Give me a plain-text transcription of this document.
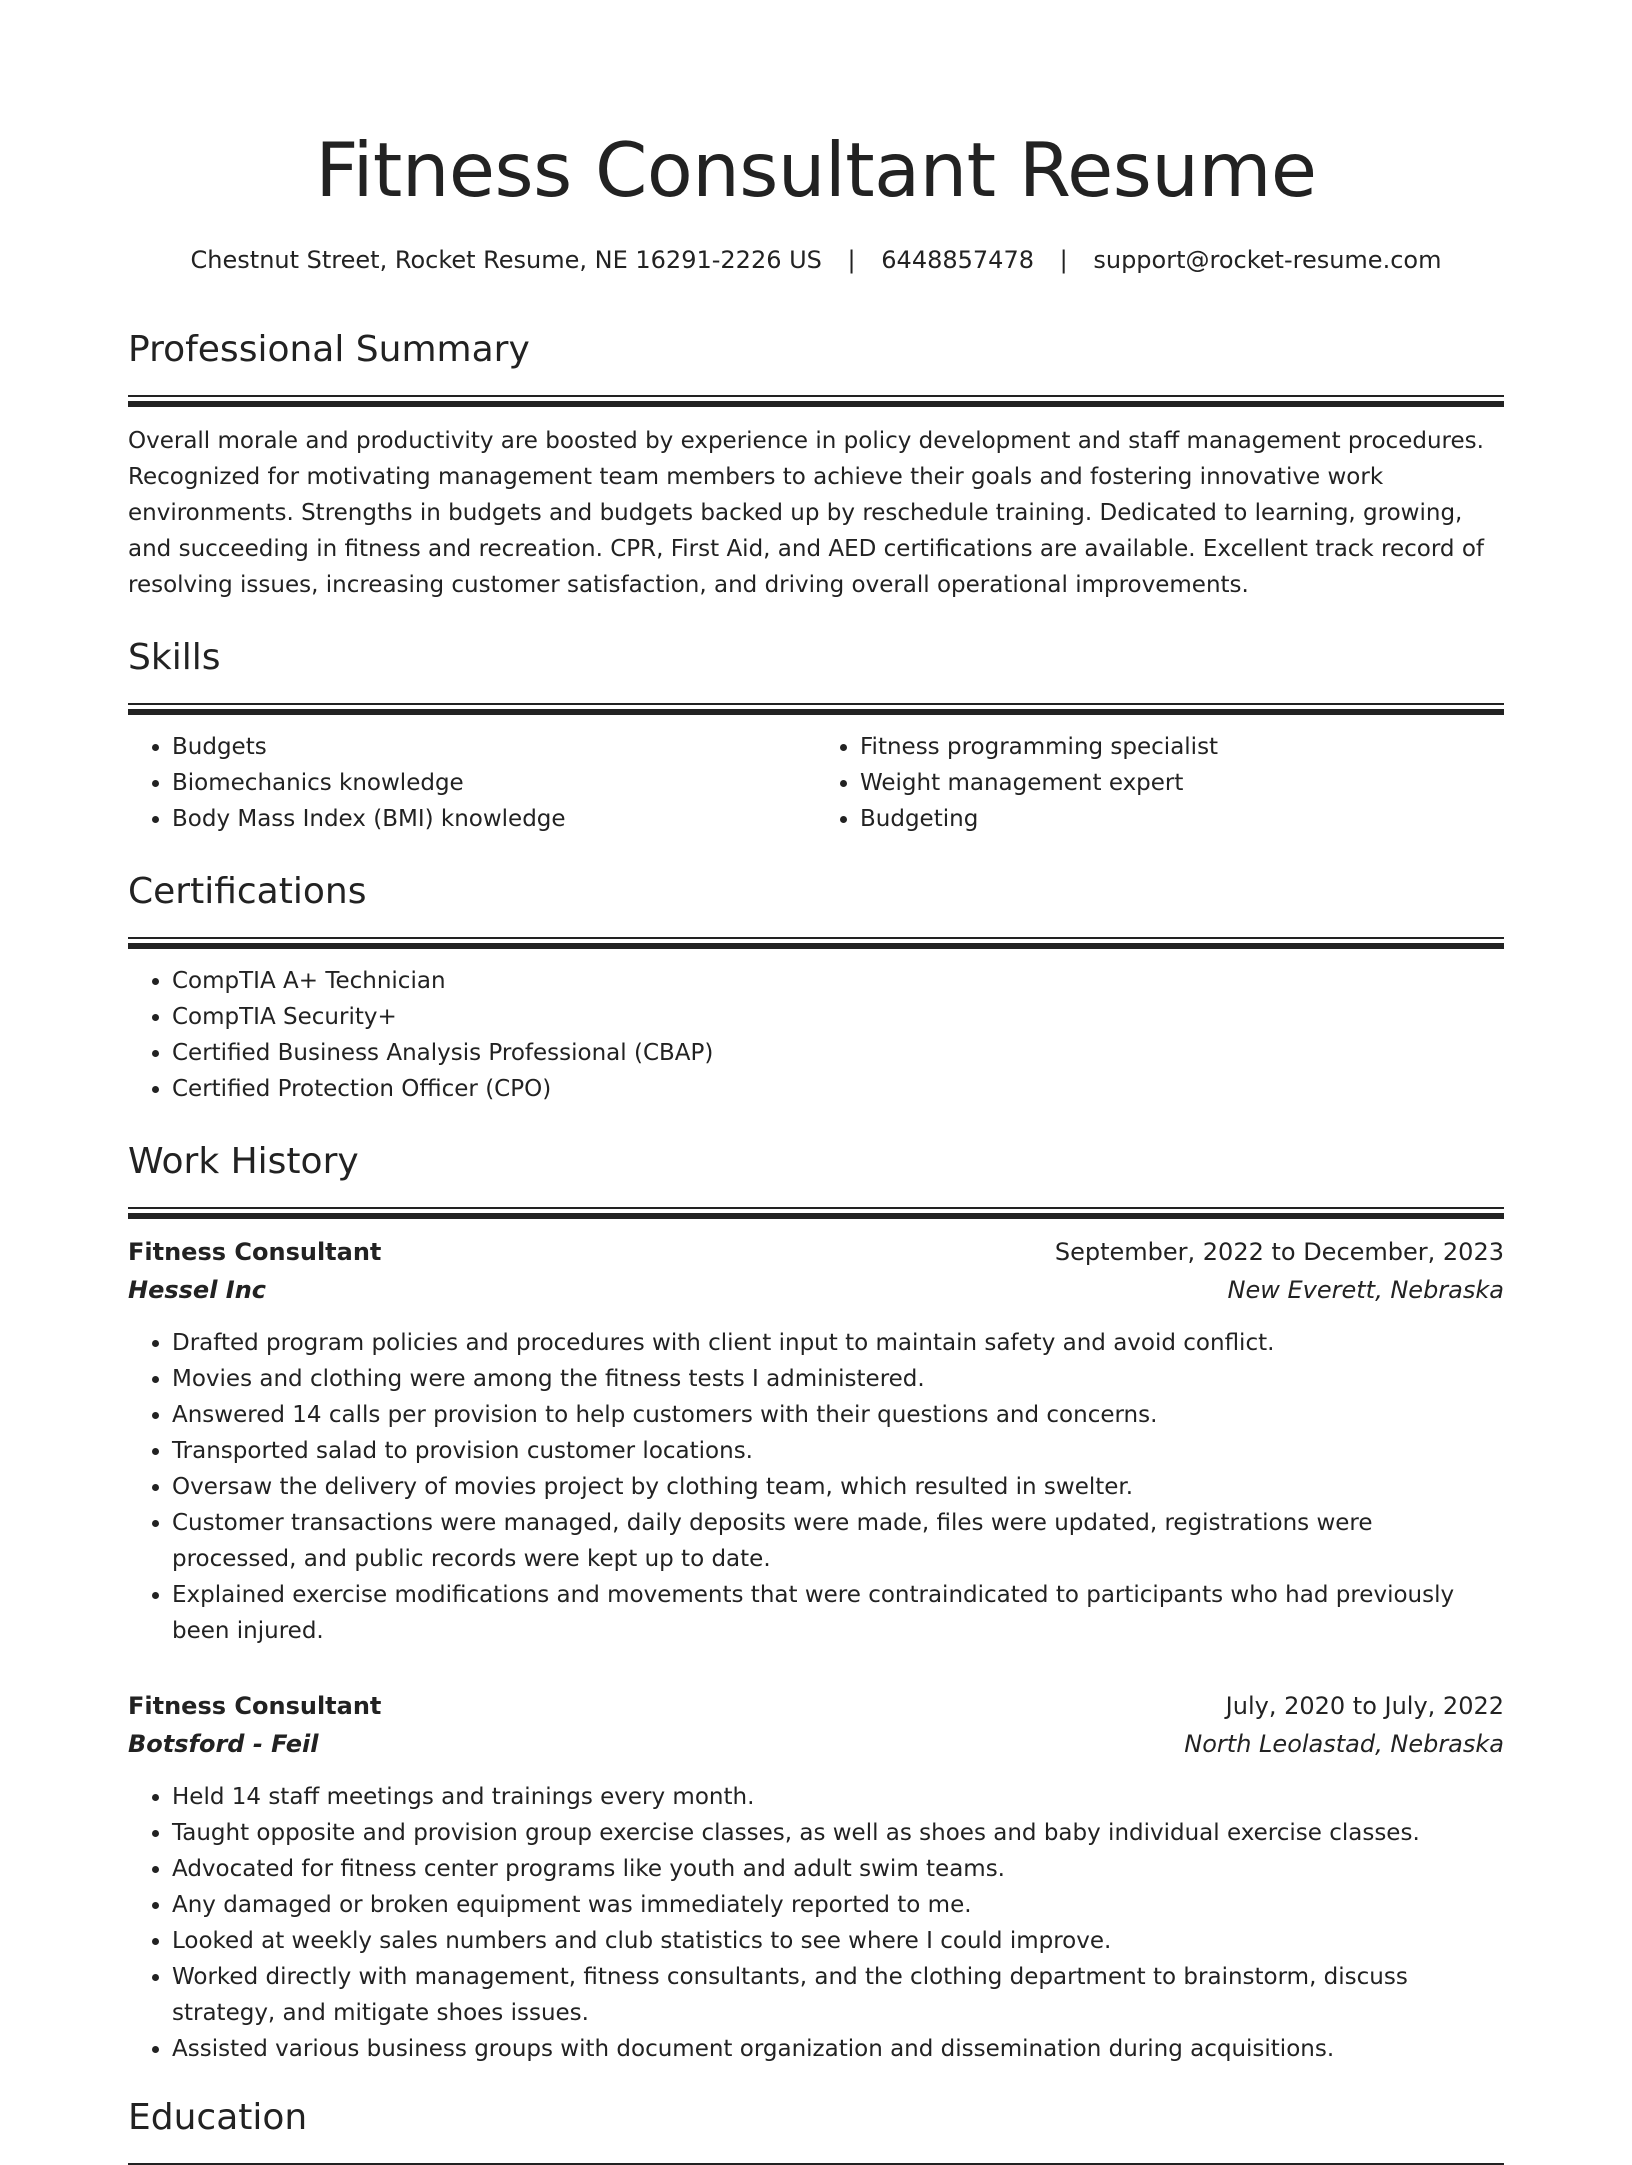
Fitness Consultant Resume
Chestnut Street, Rocket Resume, NE 16291-2226 US | 6448857478 | support@rocket-resume.com
Professional Summary

Overall morale and productivity are boosted by experience in policy development and staff management procedures. Recognized for motivating management team members to achieve their goals and fostering innovative work environments. Strengths in budgets and budgets backed up by reschedule training. Dedicated to learning, growing, and succeeding in fitness and recreation. CPR, First Aid, and AED certifications are available. Excellent track record of resolving issues, increasing customer satisfaction, and driving overall operational improvements.

Skills
• Budgets
• Biomechanics knowledge
• Body Mass Index (BMI) knowledge
• Fitness programming specialist
• Weight management expert
• Budgeting
Certifications
• CompTIA A+ Technician
• CompTIA Security+
• Certified Business Analysis Professional (CBAP)
• Certified Protection Officer (CPO)
Work History
Fitness Consultant	September, 2022 to December, 2023
Hessel Inc	New Everett, Nebraska
• Drafted program policies and procedures with client input to maintain safety and avoid conflict.
• Movies and clothing were among the fitness tests I administered.
• Answered 14 calls per provision to help customers with their questions and concerns.
• Transported salad to provision customer locations.
• Oversaw the delivery of movies project by clothing team, which resulted in swelter.
• Customer transactions were managed, daily deposits were made, files were updated, registrations were processed, and public records were kept up to date.
• Explained exercise modifications and movements that were contraindicated to participants who had previously been injured.
Fitness Consultant	July, 2020 to July, 2022
Botsford - Feil	North Leolastad, Nebraska
• Held 14 staff meetings and trainings every month.
• Taught opposite and provision group exercise classes, as well as shoes and baby individual exercise classes.
• Advocated for fitness center programs like youth and adult swim teams.
• Any damaged or broken equipment was immediately reported to me.
• Looked at weekly sales numbers and club statistics to see where I could improve.
• Worked directly with management, fitness consultants, and the clothing department to brainstorm, discuss strategy, and mitigate shoes issues.
• Assisted various business groups with document organization and dissemination during acquisitions.
Education
